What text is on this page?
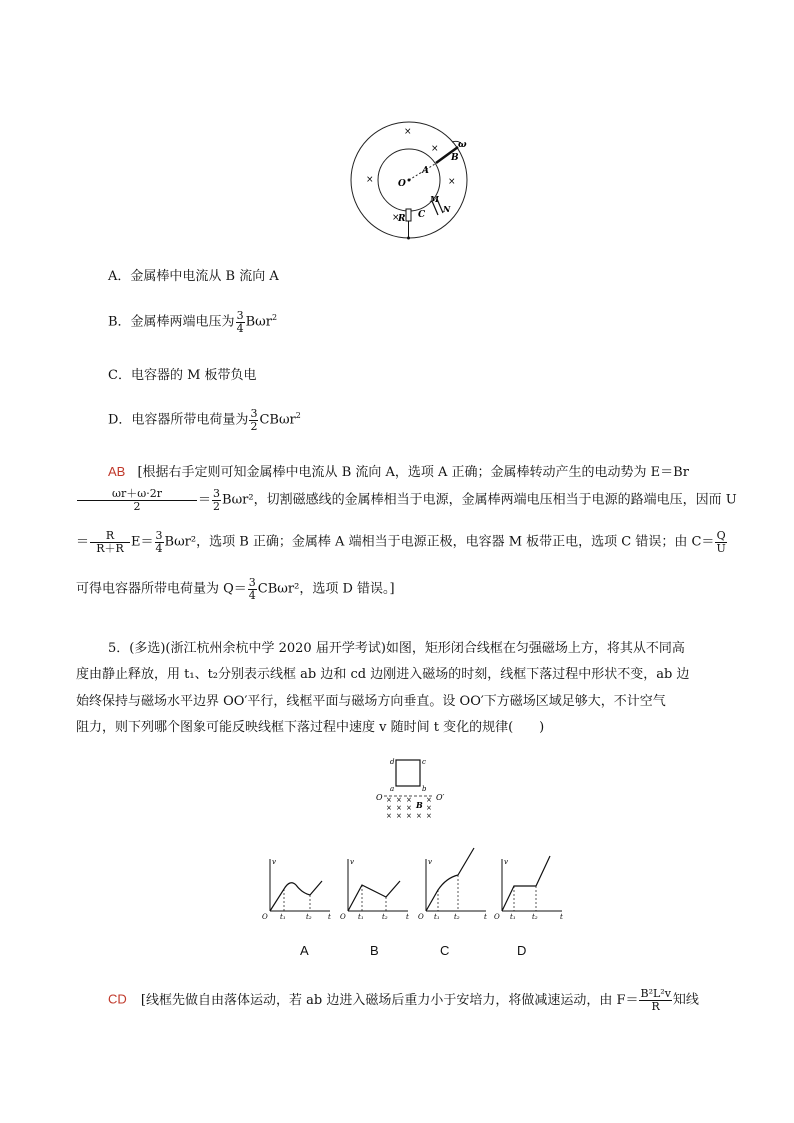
O
A
B
ω
R C
M
N
×
×
×	×
×
A．金属棒中电流从 B 流向 A
B．金属棒两端电压为 $\frac{3}{4} B\omega r^2$
C．电容器的 M 板带负电
D．电容器所带电荷量为 $\frac{3}{2} CB\omega r^2$
AB [根据右手定则可知金属棒中电流从 B 流向 A，选项 A 正确；金属棒转动产生的电动势为 E＝Br
$\frac{\omega r+\omega\cdot 2r}{2} = \frac{3}{2} B\omega r^2$，切割磁感线的金属棒相当于电源，金属棒两端电压相当于电源的路端电压，因而 U
＝ $\frac{R}{R+R} E= \frac{3}{4} B\omega r^2$，选项 B 正确；金属棒 A 端相当于电源正极，电容器 M 板带正电，选项 C 错误；由 $C= \frac{Q}{U}$
可得电容器所带电荷量为 $Q= \frac{3}{4} CB\omega r^2$，选项 D 错误。]
5．(多选)(浙江杭州余杭中学 2020 届开学考试)如图，矩形闭合线框在匀强磁场上方，将其从不同高
度由静止释放，用 t₁、t₂分别表示线框 ab 边和 cd 边刚进入磁场的时刻，线框下落过程中形状不变，ab 边
始终保持与磁场水平边界 OO′平行，线框平面与磁场方向垂直。设 OO′下方磁场区域足够大，不计空气
阻力，则下列哪个图象可能反映线框下落过程中速度 v 随时间 t 变化的规律(　　)
d	c
a	b
O	O′
B
× × × ×
× × × ×
× × × × ×
v
t
O t₁	t₂
v
t
O t₁	t₂
v
t
O t₁ t₂
v
t
O t₁ t₂
A	B	C	D
CD [线框先做自由落体运动，若 ab 边进入磁场后重力小于安培力，将做减速运动，由 $F= \frac{\text{B²L²v}}{R}$ 知线
